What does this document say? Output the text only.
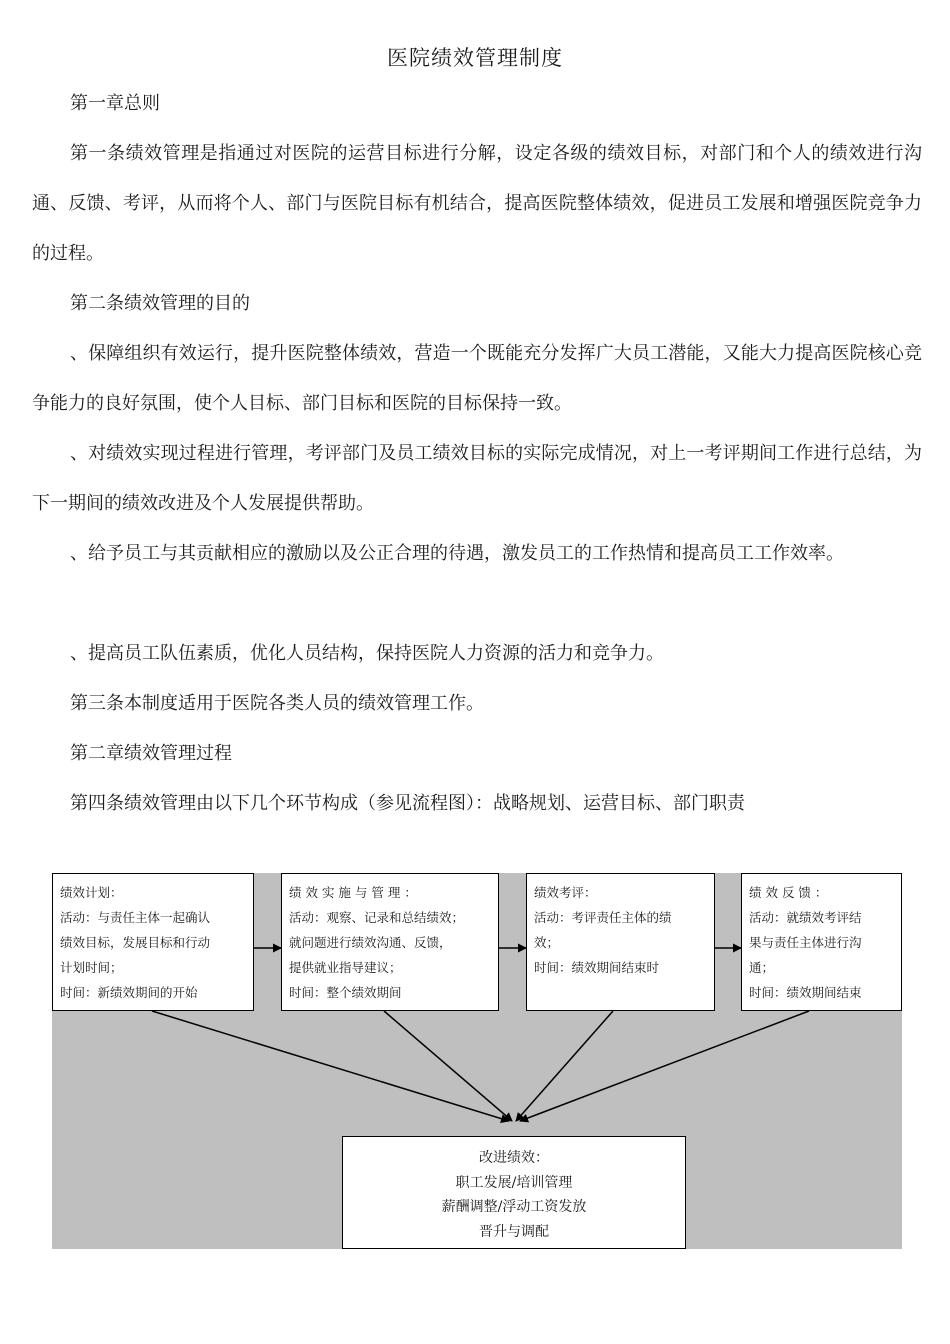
医院绩效管理制度

第一章总则

第一条绩效管理是指通过对医院的运营目标进行分解，设定各级的绩效目标，对部门和个人的绩效进行沟通、反馈、考评，从而将个人、部门与医院目标有机结合，提高医院整体绩效，促进员工发展和增强医院竞争力的过程。

第二条绩效管理的目的

、保障组织有效运行，提升医院整体绩效，营造一个既能充分发挥广大员工潜能，又能大力提高医院核心竞争能力的良好氛围，使个人目标、部门目标和医院的目标保持一致。

、对绩效实现过程进行管理，考评部门及员工绩效目标的实际完成情况，对上一考评期间工作进行总结，为下一期间的绩效改进及个人发展提供帮助。

、给予员工与其贡献相应的激励以及公正合理的待遇，激发员工的工作热情和提高员工工作效率。

、提高员工队伍素质，优化人员结构，保持医院人力资源的活力和竞争力。

第三条本制度适用于医院各类人员的绩效管理工作。

第二章绩效管理过程

第四条绩效管理由以下几个环节构成（参见流程图）：战略规划、运营目标、部门职责

绩效计划：
活动：与责任主体一起确认
绩效目标，发展目标和行动
计划时间；
时间：新绩效期间的开始
绩 效 实 施 与 管 理 ：
活动：观察、记录和总结绩效；
就问题进行绩效沟通、反馈，
提供就业指导建议；
时间：整个绩效期间
绩效考评：
活动：考评责任主体的绩
效；
时间：绩效期间结束时
绩 效 反 馈 ：
活动：就绩效考评结
果与责任主体进行沟
通；
时间：绩效期间结束
改进绩效：
职工发展/培训管理
薪酬调整/浮动工资发放
晋升与调配
